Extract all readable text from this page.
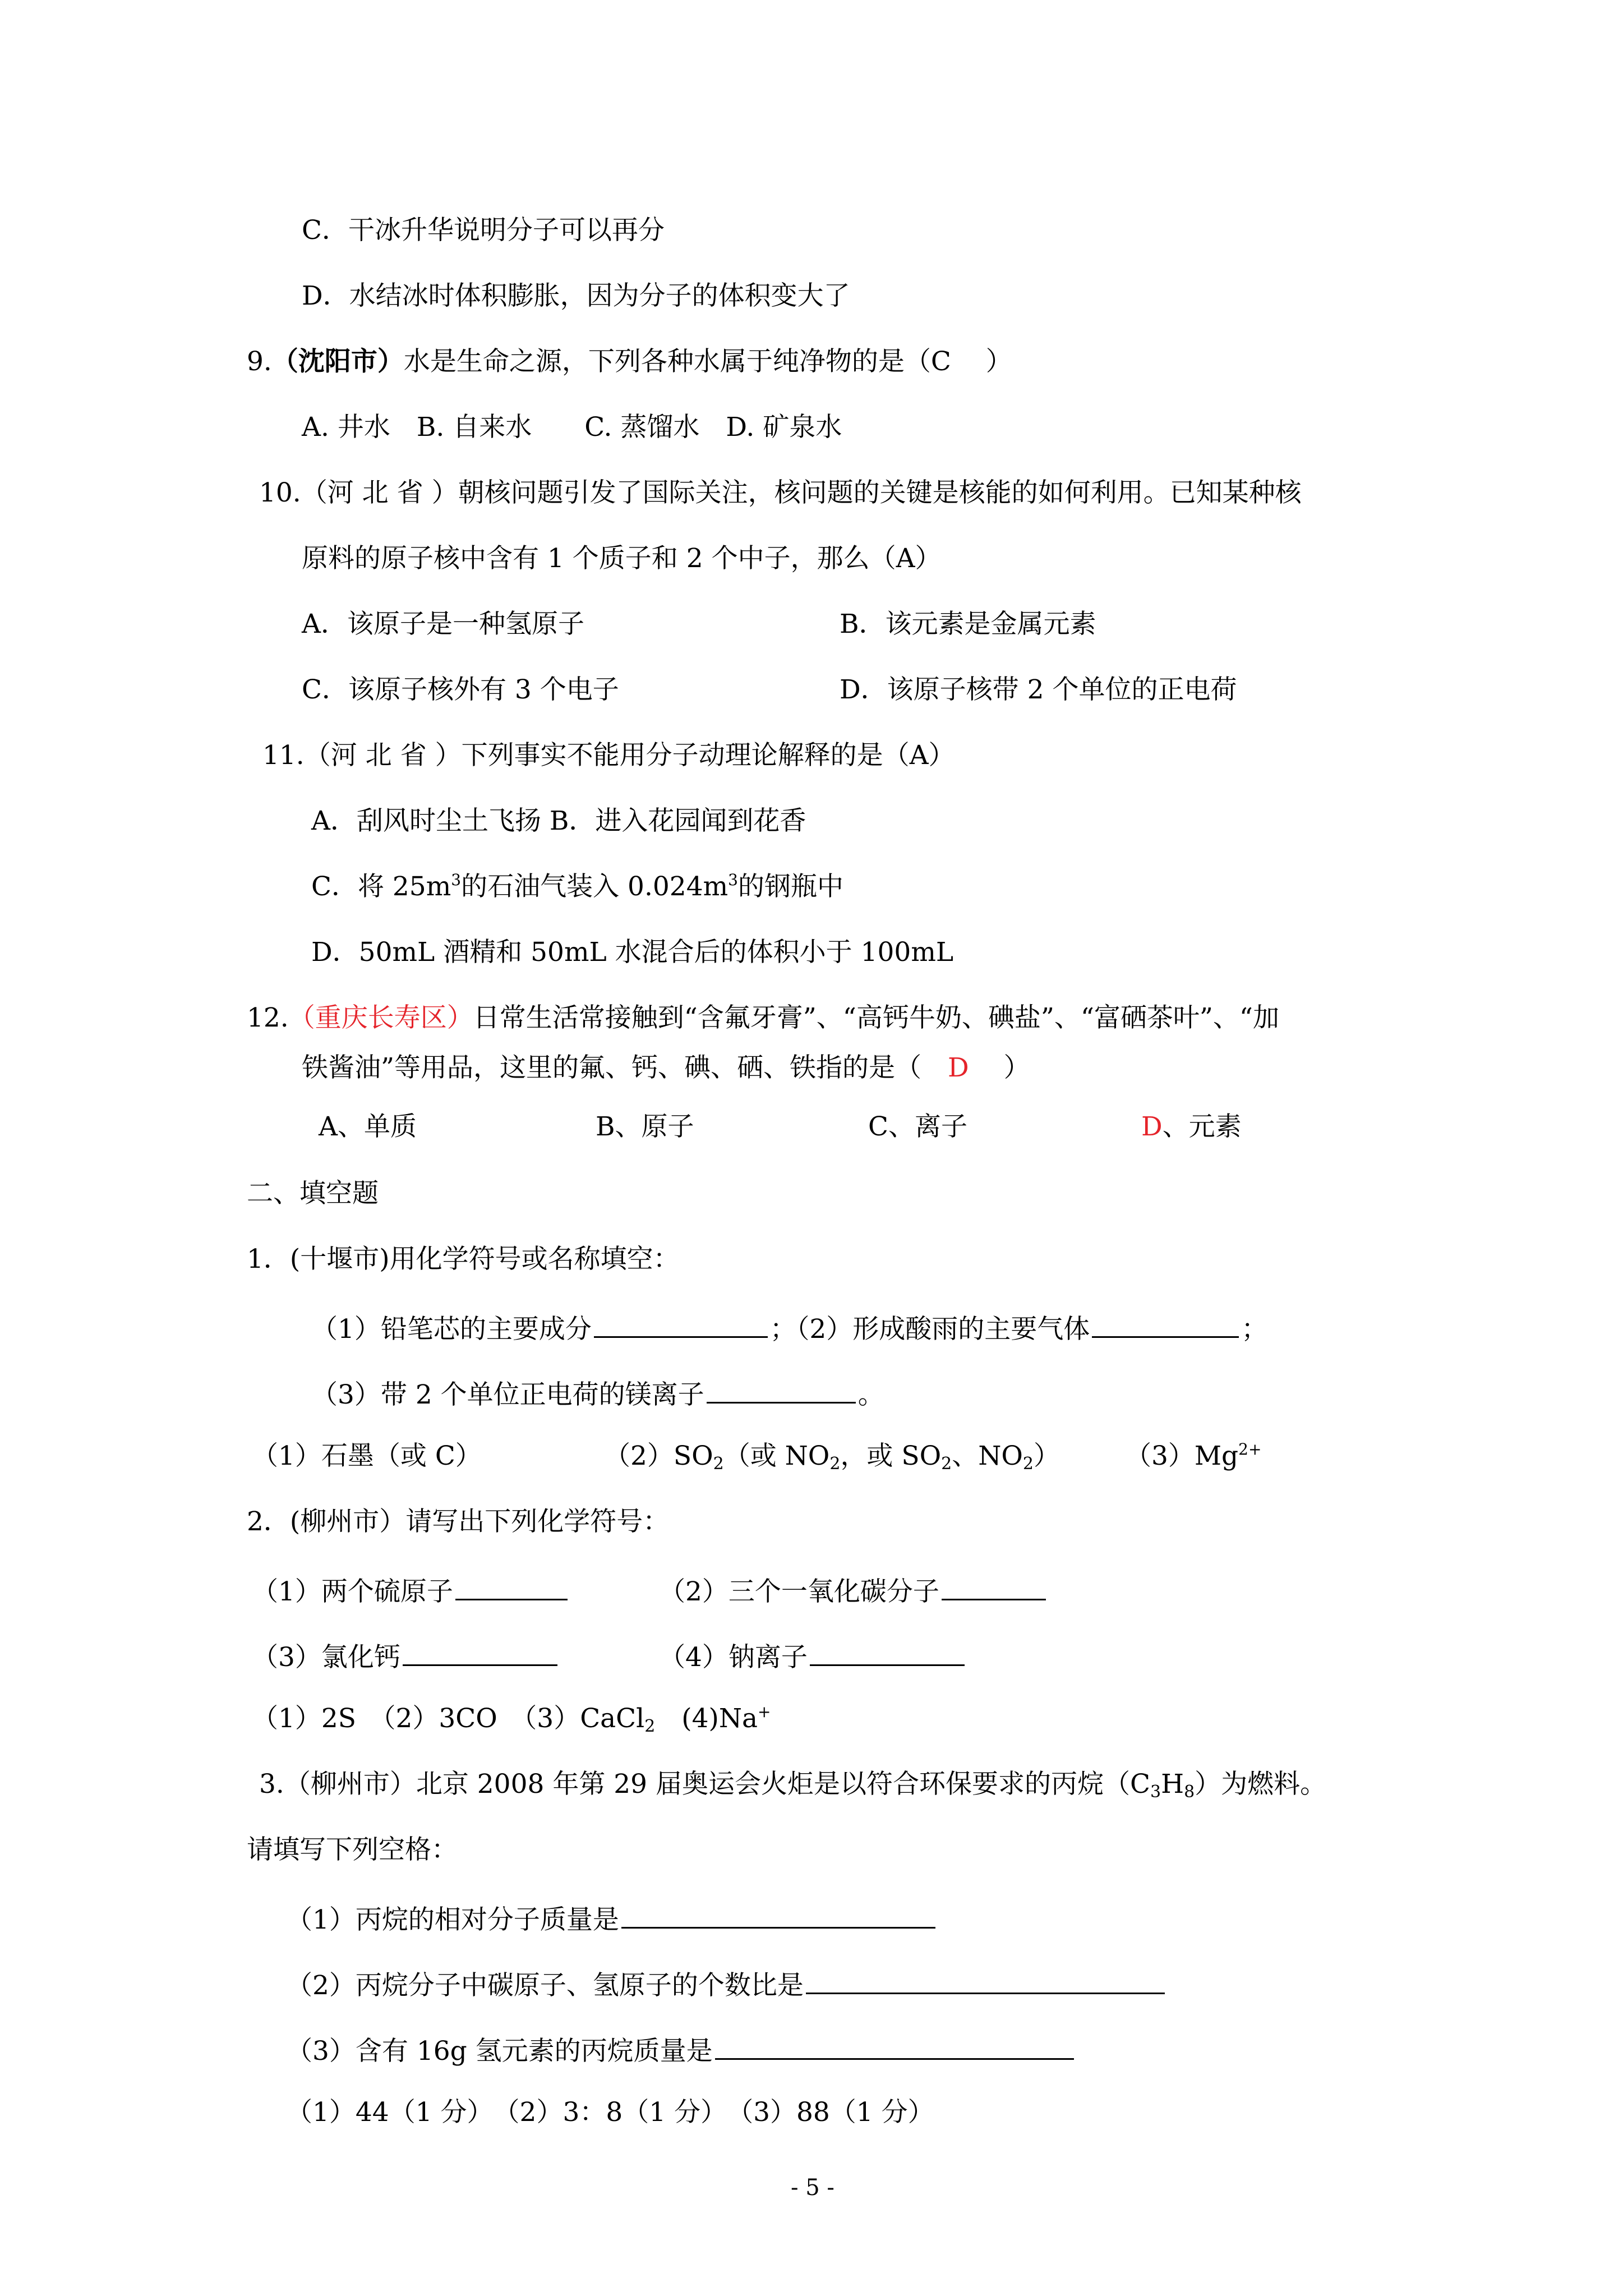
C．干冰升华说明分子可以再分
D．水结冰时体积膨胀，因为分子的体积变大了
9.（沈阳市）水是生命之源，下列各种水属于纯净物的是（C　 ）
A. 井水　B. 自来水　　C. 蒸馏水　D. 矿泉水
10.（河 北 省 ）朝核问题引发了国际关注，核问题的关键是核能的如何利用。已知某种核
原料的原子核中含有 1 个质子和 2 个中子，那么（A）
A．该原子是一种氢原子	B．该元素是金属元素
C．该原子核外有 3 个电子	D．该原子核带 2 个单位的正电荷
11.（河 北 省 ）下列事实不能用分子动理论解释的是（A）
A．刮风时尘土飞扬 B．进入花园闻到花香
C．将 $25m^3$的石油气装入 $0.024m^3$的钢瓶中
D．50mL 酒精和 50mL 水混合后的体积小于 100mL
12.（重庆长寿区）日常生活常接触到“含氟牙膏”、“高钙牛奶、碘盐”、“富硒茶叶”、“加
铁酱油”等用品，这里的氟、钙、碘、硒、铁指的是（　D　 ）
A、单质	B、原子	C、离子	D、元素
二、填空题
1．(十堰市)用化学符号或名称填空：
（1）铅笔芯的主要成分	；（2）形成酸雨的主要气体	；
（3）带 2 个单位正电荷的镁离子	。
（1）石墨（或 C）	$(2)SO_2$（或 $NO_2$，或 $SO_2$、$NO_2$） $(3)Mg^{2+}$
2．(柳州市）请写出下列化学符号：
（1）两个硫原子	（2）三个一氧化碳分子
（3）氯化钙	（4）钠离子
（1）2S　（2）3CO　（3）CaCl$_2$　(4)Na+
3.（柳州市）北京 2008 年第 29 届奥运会火炬是以符合环保要求的丙烷$(C_3H_8)$为燃料。
请填写下列空格：
（1）丙烷的相对分子质量是
（2）丙烷分子中碳原子、氢原子的个数比是
（3）含有 16g 氢元素的丙烷质量是
（1）44（1 分）　（2）3：8（1 分）　（3）88（1 分）
- 5 -
